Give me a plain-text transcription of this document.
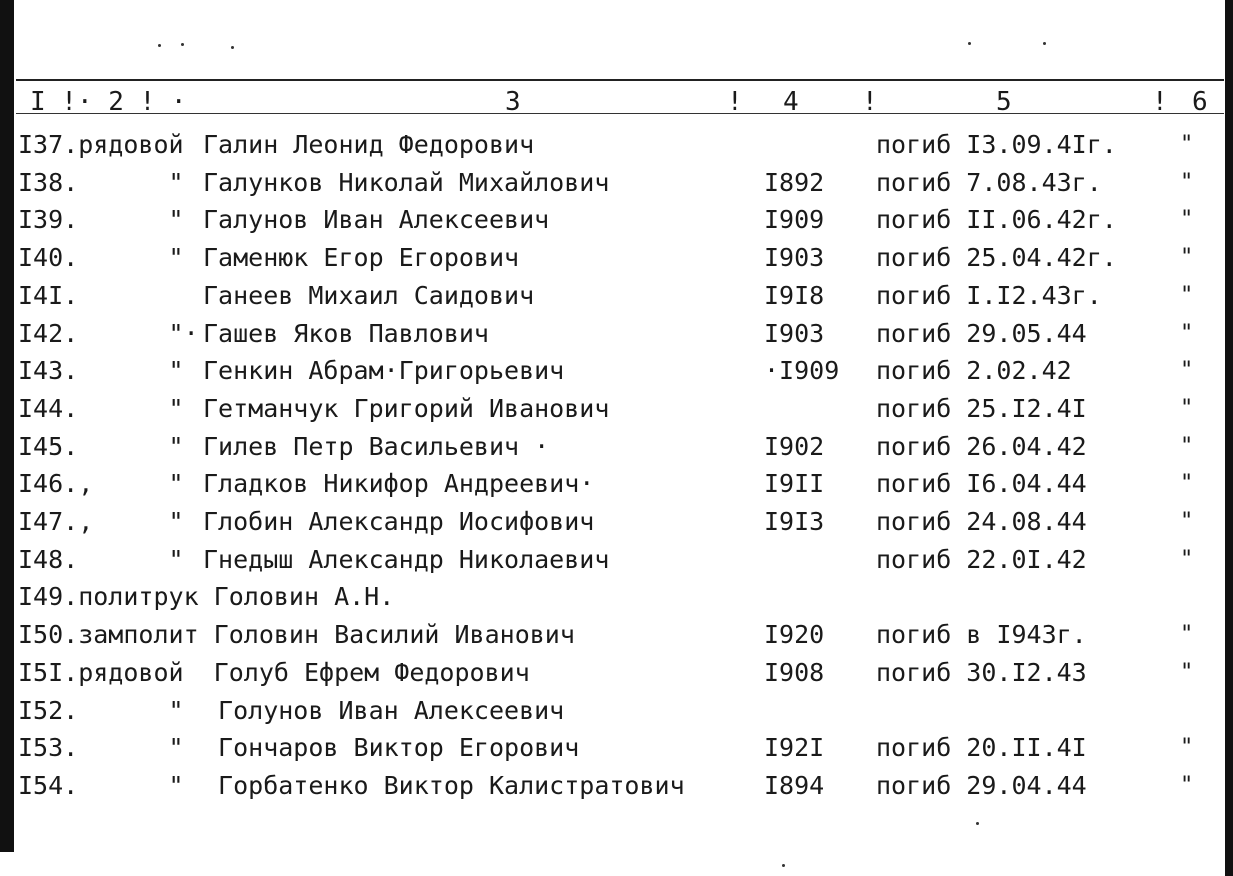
I !· 2 ! ·	3	! 4 !	5	! 6
I37.рядовой Галин Леонид Федорович	погиб I3.09.4Iг.	"
I38.      " Галунков Николай Михайлович	I892 погиб 7.08.43г.	"
I39.      " Галунов Иван Алексеевич	I909 погиб II.06.42г.	"
I40.      " Гаменюк Егор Егорович	I903 погиб 25.04.42г.	"
I4I.	Ганеев Михаил Саидович	I9I8 погиб I.I2.43г.	"
I42.      "· Гашев Яков Павлович	I903 погиб 29.05.44	"
I43.      " Генкин Абрам·Григорьевич	·I909 погиб 2.02.42	"
I44.      " Гетманчук Григорий Иванович	погиб 25.I2.4I	"
I45.      " Гилев Петр Васильевич ·	I902 погиб 26.04.42	"
I46.,     " Гладков Никифор Андреевич·	I9II погиб I6.04.44	"
I47.,     " Глобин Александр Иосифович	I9I3 погиб 24.08.44	"
I48.      " Гнедыш Александр Николаевич	погиб 22.0I.42	"
I49.политрук Головин А.Н.
I50.замполит Головин Василий Иванович	I920 погиб в I943г.	"
I5I.рядовой  Голуб Ефрем Федорович	I908 погиб 30.I2.43	"
I52.      " Голунов Иван Алексеевич
I53.      " Гончаров Виктор Егорович	I92I погиб 20.II.4I	"
I54.      " Горбатенко Виктор Калистратович	I894 погиб 29.04.44	"
